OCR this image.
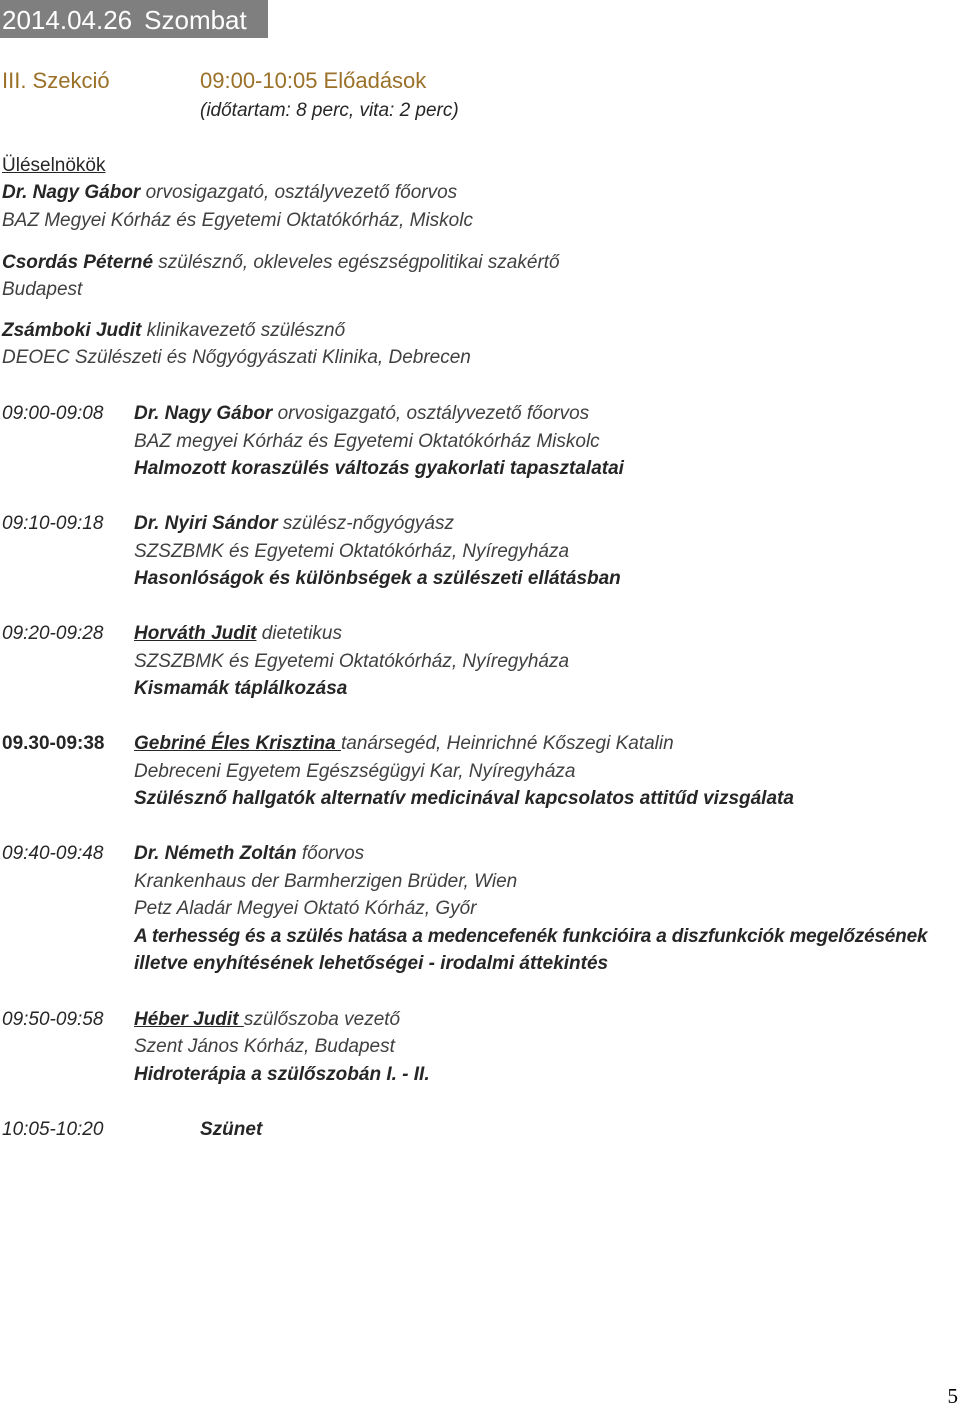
2014.04.26 Szombat
III. Szekció	09:00-10:05 Előadások
(időtartam: 8 perc, vita: 2 perc)
Üléselnökök
Dr. Nagy Gábor orvosigazgató, osztályvezető főorvos
BAZ Megyei Kórház és Egyetemi Oktatókórház, Miskolc
Csordás Péterné szülésznő, okleveles egészségpolitikai szakértő
Budapest
Zsámboki Judit klinikavezető szülésznő
DEOEC Szülészeti és Nőgyógyászati Klinika, Debrecen
09:00-09:08 Dr. Nagy Gábor orvosigazgató, osztályvezető főorvos
BAZ megyei Kórház és Egyetemi Oktatókórház Miskolc
Halmozott koraszülés változás gyakorlati tapasztalatai
09:10-09:18 Dr. Nyiri Sándor szülész-nőgyógyász
SZSZBMK és Egyetemi Oktatókórház, Nyíregyháza
Hasonlóságok és különbségek a szülészeti ellátásban
09:20-09:28 Horváth Judit dietetikus
SZSZBMK és Egyetemi Oktatókórház, Nyíregyháza
Kismamák táplálkozása
09.30-09:38 Gebriné Éles Krisztina tanársegéd, Heinrichné Kőszegi Katalin
Debreceni Egyetem Egészségügyi Kar, Nyíregyháza
Szülésznő hallgatók alternatív medicinával kapcsolatos attitűd vizsgálata
09:40-09:48 Dr. Németh Zoltán főorvos
Krankenhaus der Barmherzigen Brüder, Wien
Petz Aladár Megyei Oktató Kórház, Győr
A terhesség és a szülés hatása a medencefenék funkcióira a diszfunkciók megelőzésének
illetve enyhítésének lehetőségei - irodalmi áttekintés
09:50-09:58 Héber Judit szülőszoba vezető
Szent János Kórház, Budapest
Hidroterápia a szülőszobán I. - II.
10:05-10:20	Szünet
5
